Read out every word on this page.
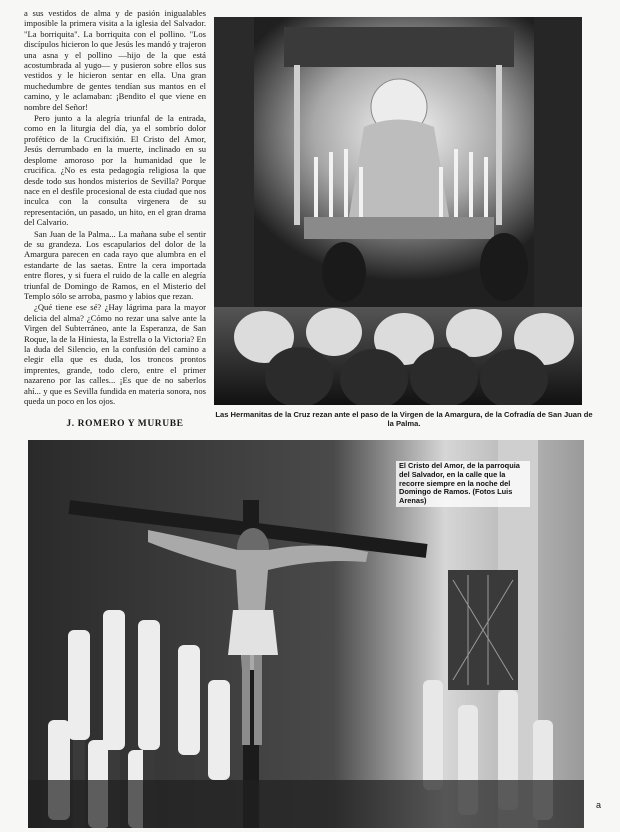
a sus vestidos de alma y de pasión inigualables imposible la primera visita a la iglesia del Salvador. "La borriquita". La borriquita con el pollino. "Los discípulos hicieron lo que Jesús les mandó y trajeron una asna y el pollino —hijo de la que está acostumbrada al yugo— y pusieron sobre ellos sus vestidos y le hicieron sentar en ella. Una gran muchedumbre de gentes tendían sus mantos en el camino, y le aclamaban: ¡Bendito el que viene en nombre del Señor!

Pero junto a la alegría triunfal de la entrada, como en la liturgia del día, ya el sombrío dolor profético de la Crucifixión. El Cristo del Amor, Jesús derrumbado en la muerte, inclinado en su desplome amoroso por la humanidad que le crucifica. ¿No es esta pedagogía religiosa la que desde todo sus hondos misterios de Sevilla? Porque nace en el desfile procesional de esta ciudad que nos inculca con la consulta virgenera de su representación, un pasado, un hito, en el gran drama del Calvario.

San Juan de la Palma... La mañana sube el sentir de su grandeza. Los escapularios del dolor de la Amargura parecen en cada rayo que alumbra en el estandarte de las saetas. Entre la cera importada entre flores, y si fuera el ruido de la calle en alegría triunfal de Domingo de Ramos, en el Misterio del Templo sólo se arroba, pasmo y labios que rezan.

¿Qué tiene ese sé? ¿Hay lágrima para la mayor delicia del alma? ¿Cómo no rezar una salve ante la Virgen del Subterráneo, ante la Esperanza, de San Roque, la de la Hiniesta, la Estrella o la Victoria? En la duda del Silencio, en la confusión del camino a elegir ella que es duda, los troncos prontos imprentes, grande, todo clero, entre el primer nazareno por las calles... ¡Es que de no saberlos ahí... y que es Sevilla fundida en materia sonora, nos queda un poco en los ojos.

J. ROMERO Y MURUBE
Las Hermanitas de la Cruz rezan ante el paso de la Virgen de la Amargura, de la Cofradía de San Juan de la Palma.
El Cristo del Amor, de la parroquia del Salvador, en la calle que la recorre siempre en la noche del Domingo de Ramos. (Fotos Luis Arenas)
a
